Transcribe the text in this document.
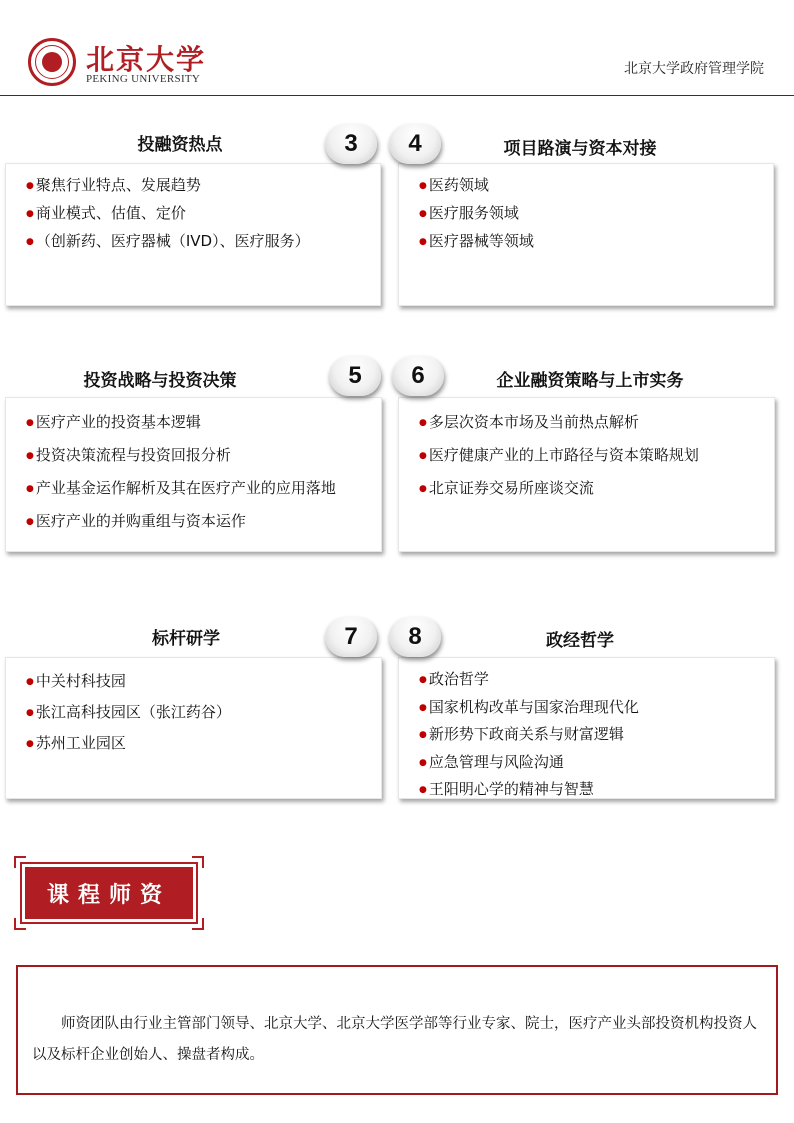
北京大学
PEKING UNIVERSITY
北京大学政府管理学院
投融资热点	项目路演与资本对接
● 聚焦行业特点、发展趋势
● 商业模式、估值、定价
● （创新药、医疗器械（IVD）、医疗服务）
● 医药领域
● 医疗服务领域
● 医疗器械等领域
3	4
投资战略与投资决策	企业融资策略与上市实务
● 医疗产业的投资基本逻辑
● 投资决策流程与投资回报分析
● 产业基金运作解析及其在医疗产业的应用落地
● 医疗产业的并购重组与资本运作
● 多层次资本市场及当前热点解析
● 医疗健康产业的上市路径与资本策略规划
● 北京证券交易所座谈交流
5	6
标杆研学	政经哲学
● 中关村科技园
● 张江高科技园区（张江药谷）
● 苏州工业园区
● 政治哲学
● 国家机构改革与国家治理现代化
● 新形势下政商关系与财富逻辑
● 应急管理与风险沟通
● 王阳明心学的精神与智慧
7	8
课程师资

师资团队由行业主管部门领导、北京大学、北京大学医学部等行业专家、院士，医疗产业头部投资机构投资人以及标杆企业创始人、操盘者构成。
